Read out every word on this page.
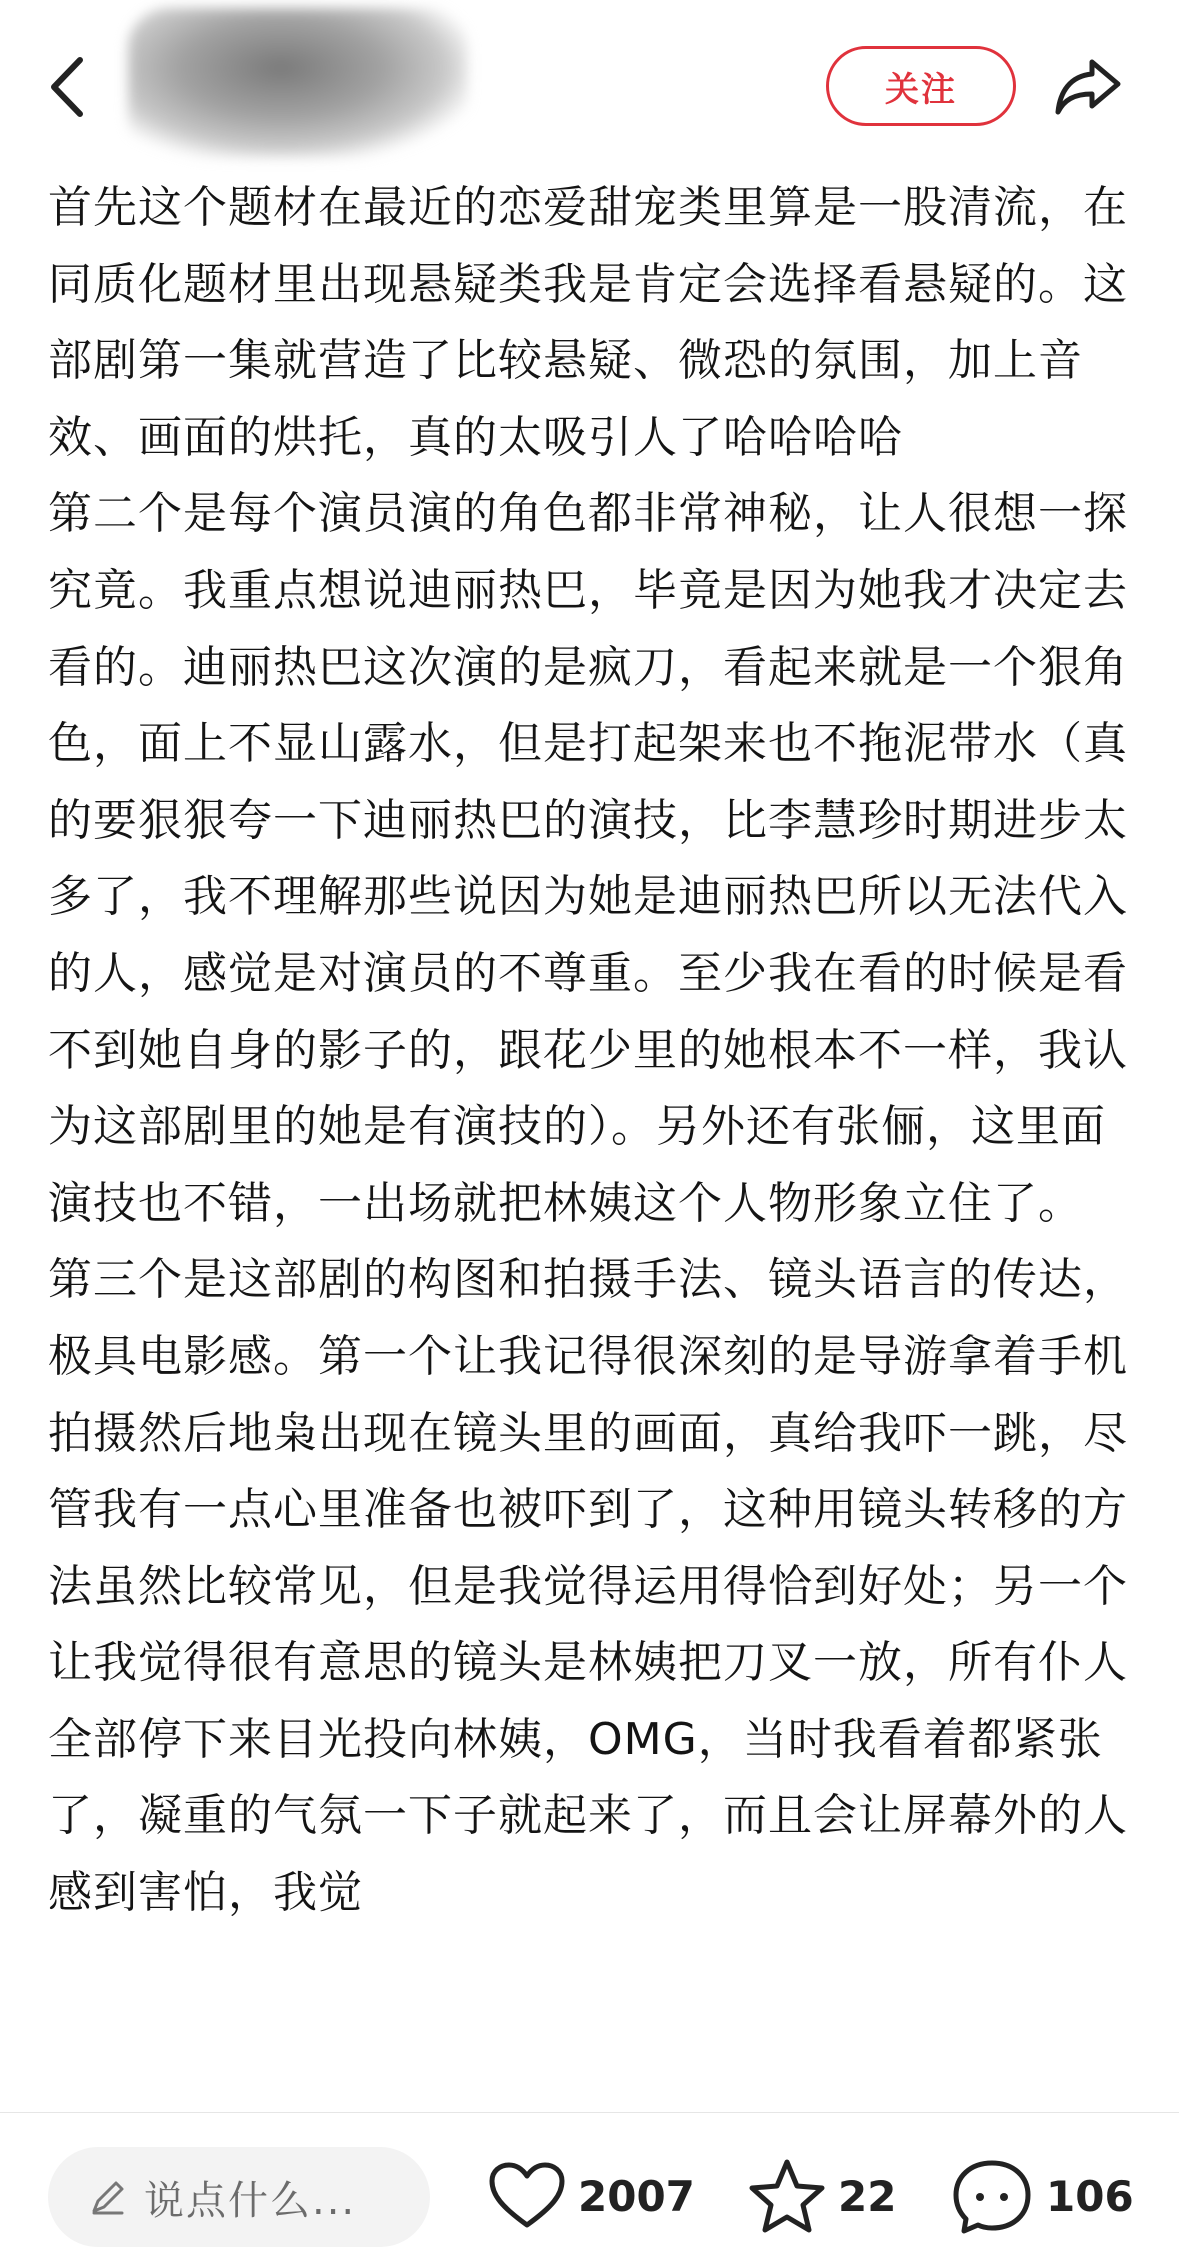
关注

首先这个题材在最近的恋爱甜宠类里算是一股清流，在同质化题材里出现悬疑类我是肯定会选择看悬疑的。这部剧第一集就营造了比较悬疑、微恐的氛围，加上音效、画面的烘托，真的太吸引人了哈哈哈哈

第二个是每个演员演的角色都非常神秘，让人很想一探究竟。我重点想说迪丽热巴，毕竟是因为她我才决定去看的。迪丽热巴这次演的是疯刀，看起来就是一个狠角色，面上不显山露水，但是打起架来也不拖泥带水（真的要狠狠夸一下迪丽热巴的演技，比李慧珍时期进步太多了，我不理解那些说因为她是迪丽热巴所以无法代入的人，感觉是对演员的不尊重。至少我在看的时候是看不到她自身的影子的，跟花少里的她根本不一样，我认为这部剧里的她是有演技的）。另外还有张俪，这里面演技也不错，一出场就把林姨这个人物形象立住了。

第三个是这部剧的构图和拍摄手法、镜头语言的传达，极具电影感。第一个让我记得很深刻的是导游拿着手机拍摄然后地枭出现在镜头里的画面，真给我吓一跳，尽管我有一点心里准备也被吓到了，这种用镜头转移的方法虽然比较常见，但是我觉得运用得恰到好处；另一个让我觉得很有意思的镜头是林姨把刀叉一放，所有仆人全部停下来目光投向林姨，OMG，当时我看着都紧张了，凝重的气氛一下子就起来了，而且会让屏幕外的人感到害怕，我觉

说点什么...	2007	22	106
